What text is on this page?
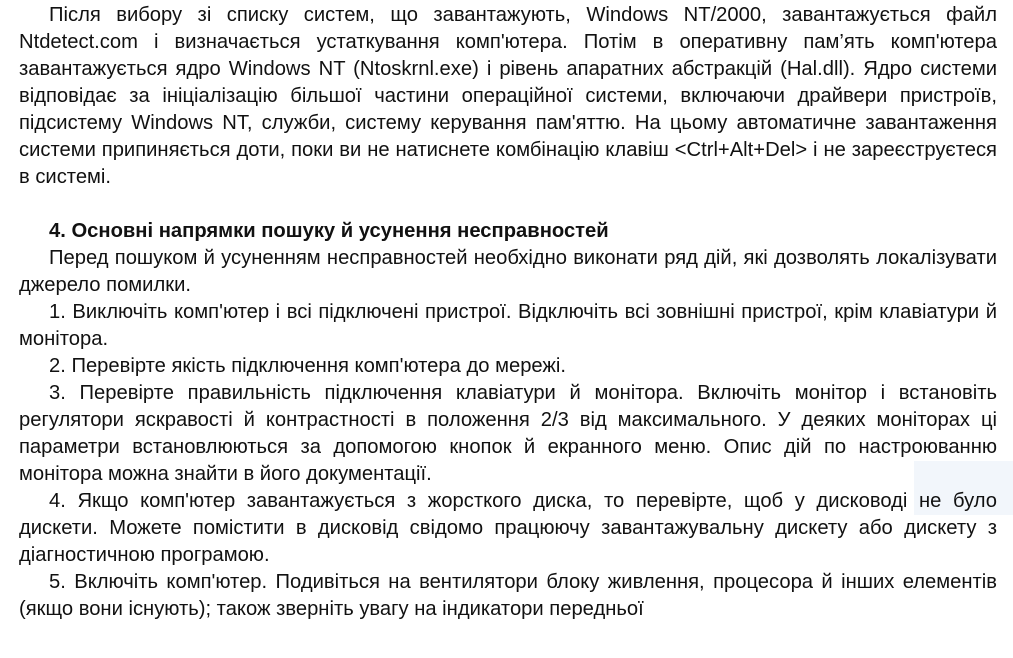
Після вибору зі списку систем, що завантажують, Windows NT/2000, завантажується файл Ntdetect.com і визначається устаткування комп'ютера. Потім в оперативну пам’ять комп'ютера завантажується ядро Windows NT (Ntoskrnl.exe) і рівень апаратних абстракцій (Hal.dll). Ядро системи відповідає за ініціалізацію більшої частини операційної системи, включаючи драйвери пристроїв, підсистему Windows NT, служби, систему керування пам'яттю. На цьому автоматичне завантаження системи припиняється доти, поки ви не натиснете комбінацію клавіш <Ctrl+Alt+Del> і не зареєструєтеся в системі.

4. Основні напрямки пошуку й усунення несправностей

Перед пошуком й усуненням несправностей необхідно виконати ряд дій, які дозволять локалізувати джерело помилки.

1. Виключіть комп'ютер і всі підключені пристрої. Відключіть всі зовнішні пристрої, крім клавіатури й монітора.

2. Перевірте якість підключення комп'ютера до мережі.

3. Перевірте правильність підключення клавіатури й монітора. Включіть монітор і встановіть регулятори яскравості й контрастності в положення 2/3 від максимального. У деяких моніторах ці параметри встановлюються за допомогою кнопок й екранного меню. Опис дій по настроюванню монітора можна знайти в його документації.

4. Якщо комп'ютер завантажується з жорсткого диска, то перевірте, щоб у дисководі не було дискети. Можете помістити в дисковід свідомо працюючу завантажувальну дискету або дискету з діагностичною програмою.

5. Включіть комп'ютер. Подивіться на вентилятори блоку живлення, процесора й інших елементів (якщо вони існують); також зверніть увагу на індикатори передньої
